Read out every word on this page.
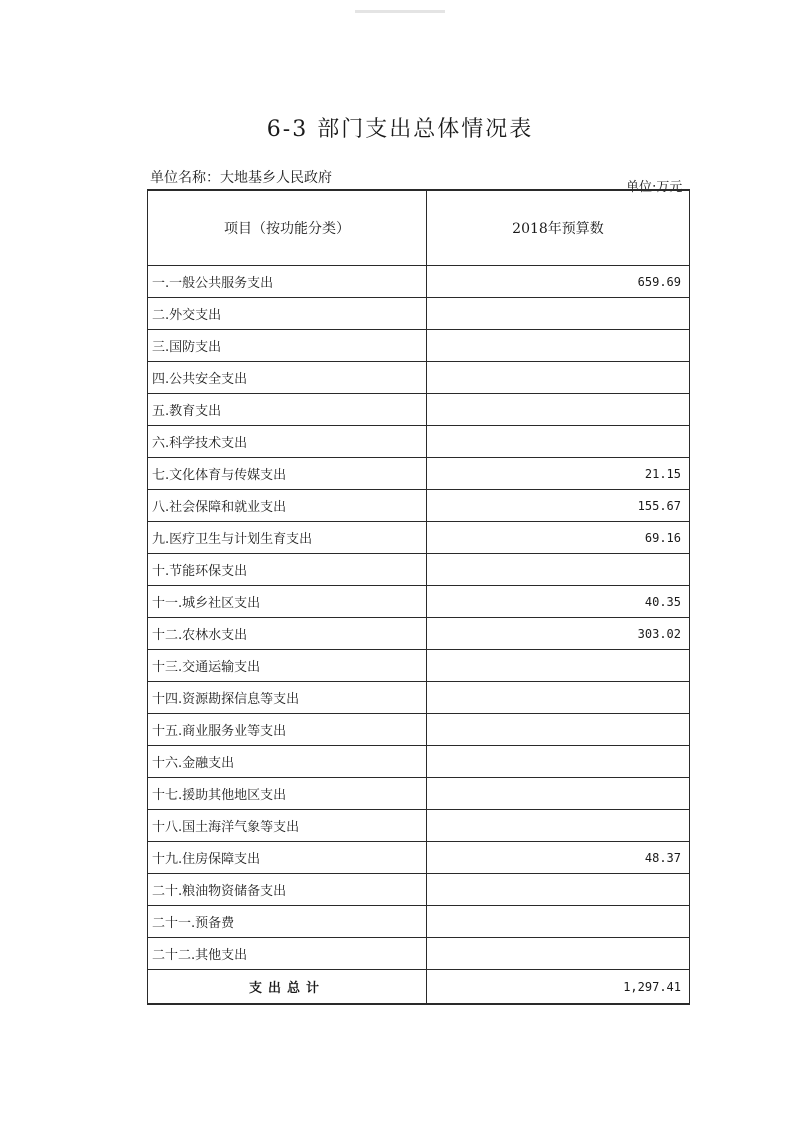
6-3 部门支出总体情况表
单位名称：大地基乡人民政府
单位:万元
项目（按功能分类）	2018年预算数
一.一般公共服务支出	659.69
二.外交支出	
三.国防支出	
四.公共安全支出	
五.教育支出	
六.科学技术支出	
七.文化体育与传媒支出	21.15
八.社会保障和就业支出	155.67
九.医疗卫生与计划生育支出	69.16
十.节能环保支出	
十一.城乡社区支出	40.35
十二.农林水支出	303.02
十三.交通运输支出	
十四.资源勘探信息等支出	
十五.商业服务业等支出	
十六.金融支出	
十七.援助其他地区支出	
十八.国土海洋气象等支出	
十九.住房保障支出	48.37
二十.粮油物资储备支出	
二十一.预备费	
二十二.其他支出	
支出总计	1,297.41
